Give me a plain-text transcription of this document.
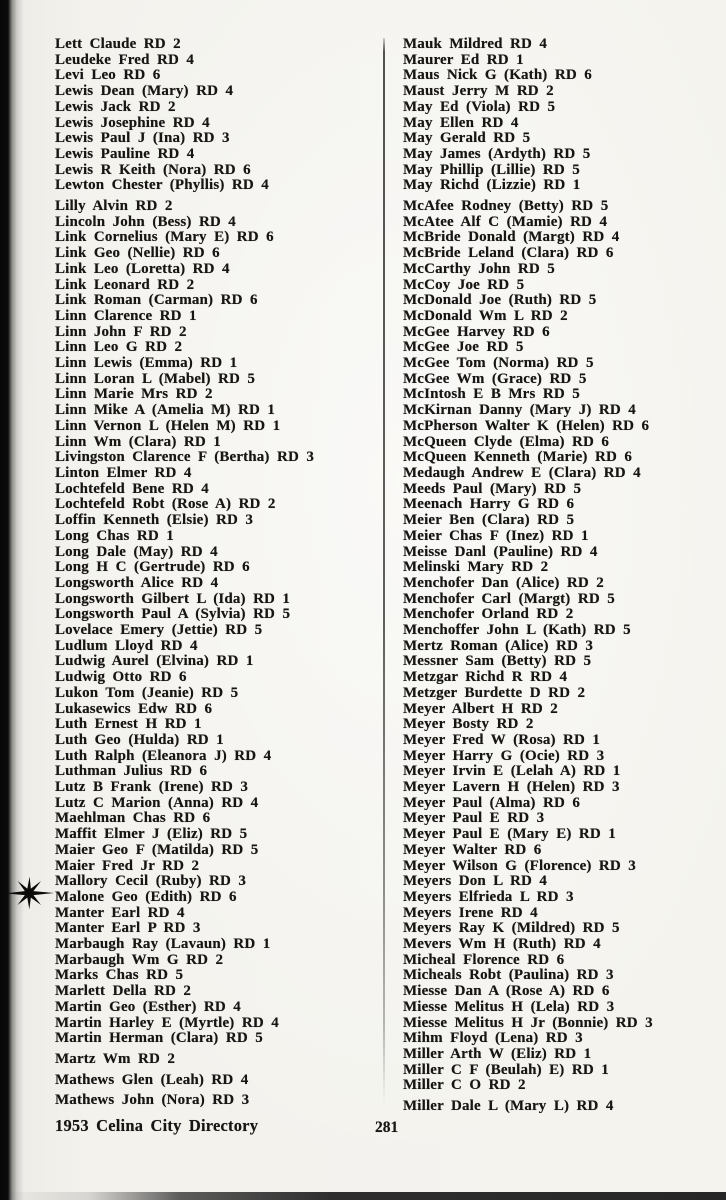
Lett Claude RD 2
Leudeke Fred RD 4
Levi Leo RD 6
Lewis Dean (Mary) RD 4
Lewis Jack RD 2
Lewis Josephine RD 4
Lewis Paul J (Ina) RD 3
Lewis Pauline RD 4
Lewis R Keith (Nora) RD 6
Lewton Chester (Phyllis) RD 4
Lilly Alvin RD 2
Lincoln John (Bess) RD 4
Link Cornelius (Mary E) RD 6
Link Geo (Nellie) RD 6
Link Leo (Loretta) RD 4
Link Leonard RD 2
Link Roman (Carman) RD 6
Linn Clarence RD 1
Linn John F RD 2
Linn Leo G RD 2
Linn Lewis (Emma) RD 1
Linn Loran L (Mabel) RD 5
Linn Marie Mrs RD 2
Linn Mike A (Amelia M) RD 1
Linn Vernon L (Helen M) RD 1
Linn Wm (Clara) RD 1
Livingston Clarence F (Bertha) RD 3
Linton Elmer RD 4
Lochtefeld Bene RD 4
Lochtefeld Robt (Rose A) RD 2
Loffin Kenneth (Elsie) RD 3
Long Chas RD 1
Long Dale (May) RD 4
Long H C (Gertrude) RD 6
Longsworth Alice RD 4
Longsworth Gilbert L (Ida) RD 1
Longsworth Paul A (Sylvia) RD 5
Lovelace Emery (Jettie) RD 5
Ludlum Lloyd RD 4
Ludwig Aurel (Elvina) RD 1
Ludwig Otto RD 6
Lukon Tom (Jeanie) RD 5
Lukasewics Edw RD 6
Luth Ernest H RD 1
Luth Geo (Hulda) RD 1
Luth Ralph (Eleanora J) RD 4
Luthman Julius RD 6
Lutz B Frank (Irene) RD 3
Lutz C Marion (Anna) RD 4
Maehlman Chas RD 6
Maffit Elmer J (Eliz) RD 5
Maier Geo F (Matilda) RD 5
Maier Fred Jr RD 2
Mallory Cecil (Ruby) RD 3
Malone Geo (Edith) RD 6
Manter Earl RD 4
Manter Earl P RD 3
Marbaugh Ray (Lavaun) RD 1
Marbaugh Wm G RD 2
Marks Chas RD 5
Marlett Della RD 2
Martin Geo (Esther) RD 4
Martin Harley E (Myrtle) RD 4
Martin Herman (Clara) RD 5
Martz Wm RD 2
Mathews Glen (Leah) RD 4
Mathews John (Nora) RD 3
Mauk Mildred RD 4
Maurer Ed RD 1
Maus Nick G (Kath) RD 6
Maust Jerry M RD 2
May Ed (Viola) RD 5
May Ellen RD 4
May Gerald RD 5
May James (Ardyth) RD 5
May Phillip (Lillie) RD 5
May Richd (Lizzie) RD 1
McAfee Rodney (Betty) RD 5
McAtee Alf C (Mamie) RD 4
McBride Donald (Margt) RD 4
McBride Leland (Clara) RD 6
McCarthy John RD 5
McCoy Joe RD 5
McDonald Joe (Ruth) RD 5
McDonald Wm L RD 2
McGee Harvey RD 6
McGee Joe RD 5
McGee Tom (Norma) RD 5
McGee Wm (Grace) RD 5
McIntosh E B Mrs RD 5
McKirnan Danny (Mary J) RD 4
McPherson Walter K (Helen) RD 6
McQueen Clyde (Elma) RD 6
McQueen Kenneth (Marie) RD 6
Medaugh Andrew E (Clara) RD 4
Meeds Paul (Mary) RD 5
Meenach Harry G RD 6
Meier Ben (Clara) RD 5
Meier Chas F (Inez) RD 1
Meisse Danl (Pauline) RD 4
Melinski Mary RD 2
Menchofer Dan (Alice) RD 2
Menchofer Carl (Margt) RD 5
Menchofer Orland RD 2
Menchoffer John L (Kath) RD 5
Mertz Roman (Alice) RD 3
Messner Sam (Betty) RD 5
Metzgar Richd R RD 4
Metzger Burdette D RD 2
Meyer Albert H RD 2
Meyer Bosty RD 2
Meyer Fred W (Rosa) RD 1
Meyer Harry G (Ocie) RD 3
Meyer Irvin E (Lelah A) RD 1
Meyer Lavern H (Helen) RD 3
Meyer Paul (Alma) RD 6
Meyer Paul E RD 3
Meyer Paul E (Mary E) RD 1
Meyer Walter RD 6
Meyer Wilson G (Florence) RD 3
Meyers Don L RD 4
Meyers Elfrieda L RD 3
Meyers Irene RD 4
Meyers Ray K (Mildred) RD 5
Mevers Wm H (Ruth) RD 4
Micheal Florence RD 6
Micheals Robt (Paulina) RD 3
Miesse Dan A (Rose A) RD 6
Miesse Melitus H (Lela) RD 3
Miesse Melitus H Jr (Bonnie) RD 3
Mihm Floyd (Lena) RD 3
Miller Arth W (Eliz) RD 1
Miller C F (Beulah) E) RD 1
Miller C O RD 2
Miller Dale L (Mary L) RD 4
1953 Celina City Directory	281
